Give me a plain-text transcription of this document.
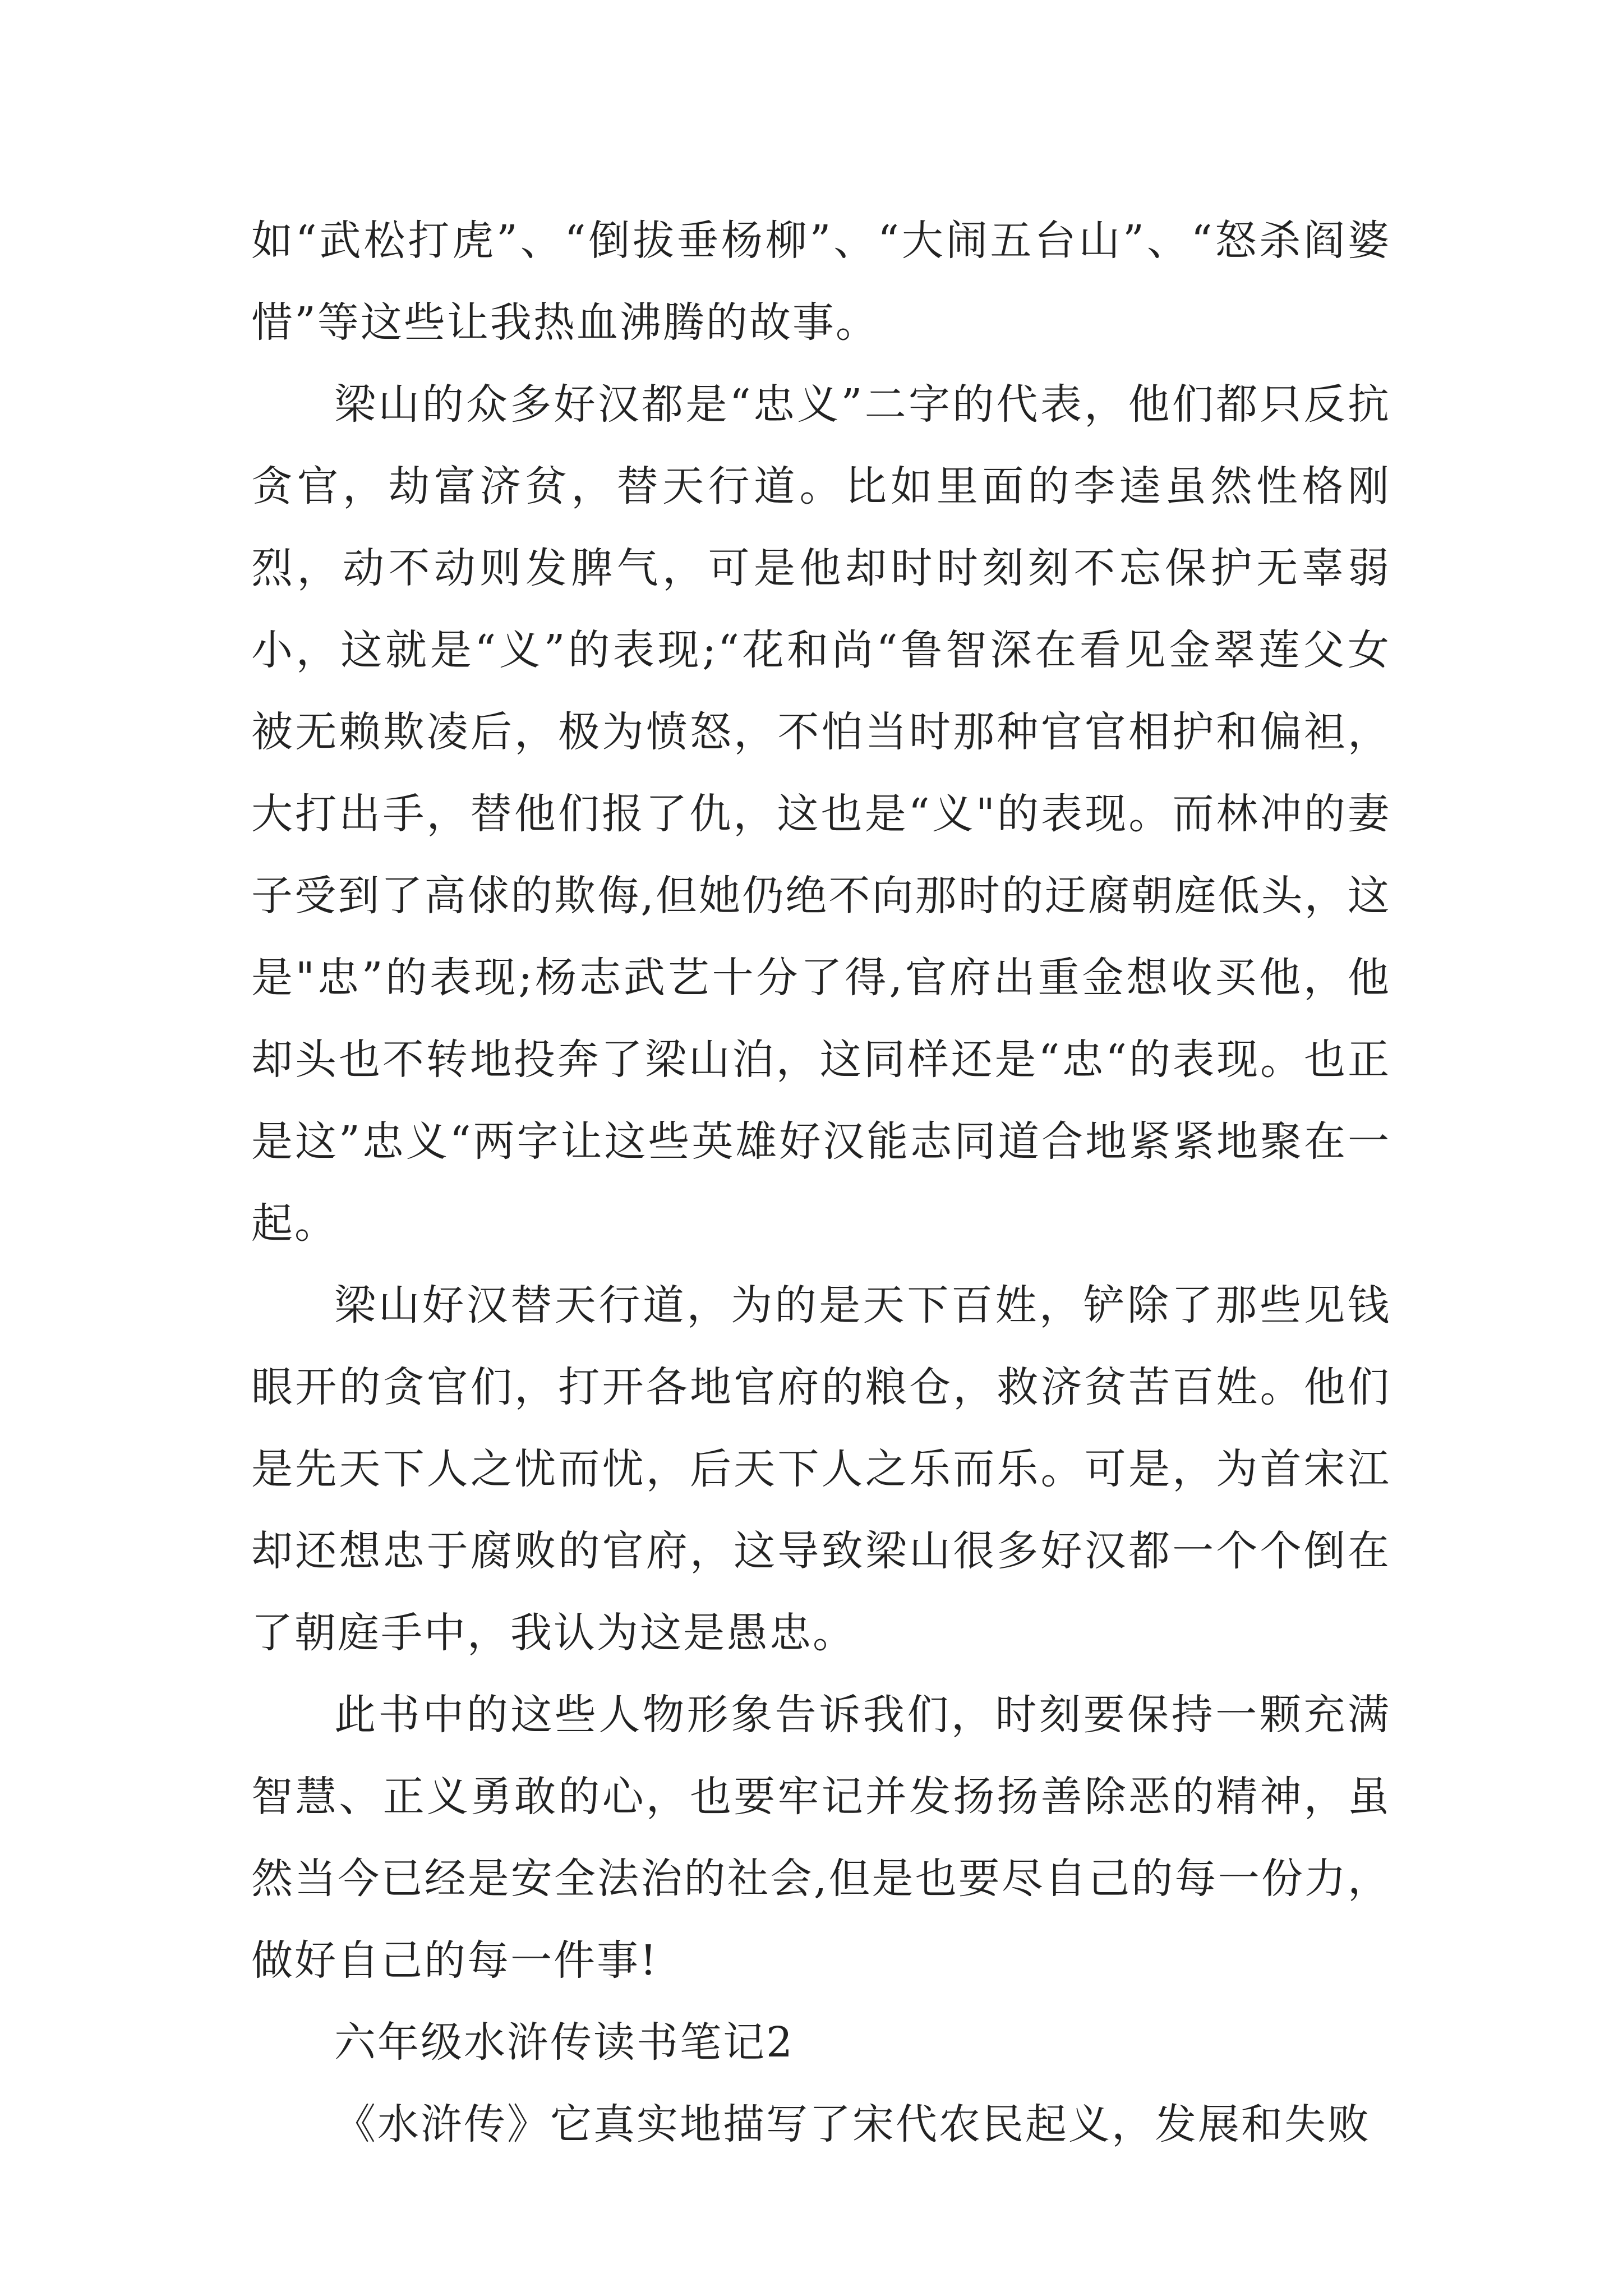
如“武松打虎”、“倒拔垂杨柳”、“大闹五台山”、“怒杀阎婆惜”等这些让我热血沸腾的故事。

梁山的众多好汉都是“忠义”二字的代表，他们都只反抗贪官，劫富济贫，替天行道。比如里面的李逵虽然性格刚烈，动不动则发脾气，可是他却时时刻刻不忘保护无辜弱小，这就是“义”的表现;“花和尚“鲁智深在看见金翠莲父女被无赖欺凌后，极为愤怒，不怕当时那种官官相护和偏袒，大打出手，替他们报了仇，这也是“义"的表现。而林冲的妻子受到了高俅的欺侮,但她仍绝不向那时的迂腐朝庭低头，这是"忠”的表现;杨志武艺十分了得,官府出重金想收买他，他却头也不转地投奔了梁山泊，这同样还是“忠“的表现。也正是这”忠义“两字让这些英雄好汉能志同道合地紧紧地聚在一起。

梁山好汉替天行道，为的是天下百姓，铲除了那些见钱眼开的贪官们，打开各地官府的粮仓，救济贫苦百姓。他们是先天下人之忧而忧，后天下人之乐而乐。可是，为首宋江却还想忠于腐败的官府，这导致梁山很多好汉都一个个倒在了朝庭手中，我认为这是愚忠。

此书中的这些人物形象告诉我们，时刻要保持一颗充满智慧、正义勇敢的心，也要牢记并发扬扬善除恶的精神，虽然当今已经是安全法治的社会,但是也要尽自己的每一份力，做好自己的每一件事!

六年级水浒传读书笔记2

《水浒传》它真实地描写了宋代农民起义，发展和失败
